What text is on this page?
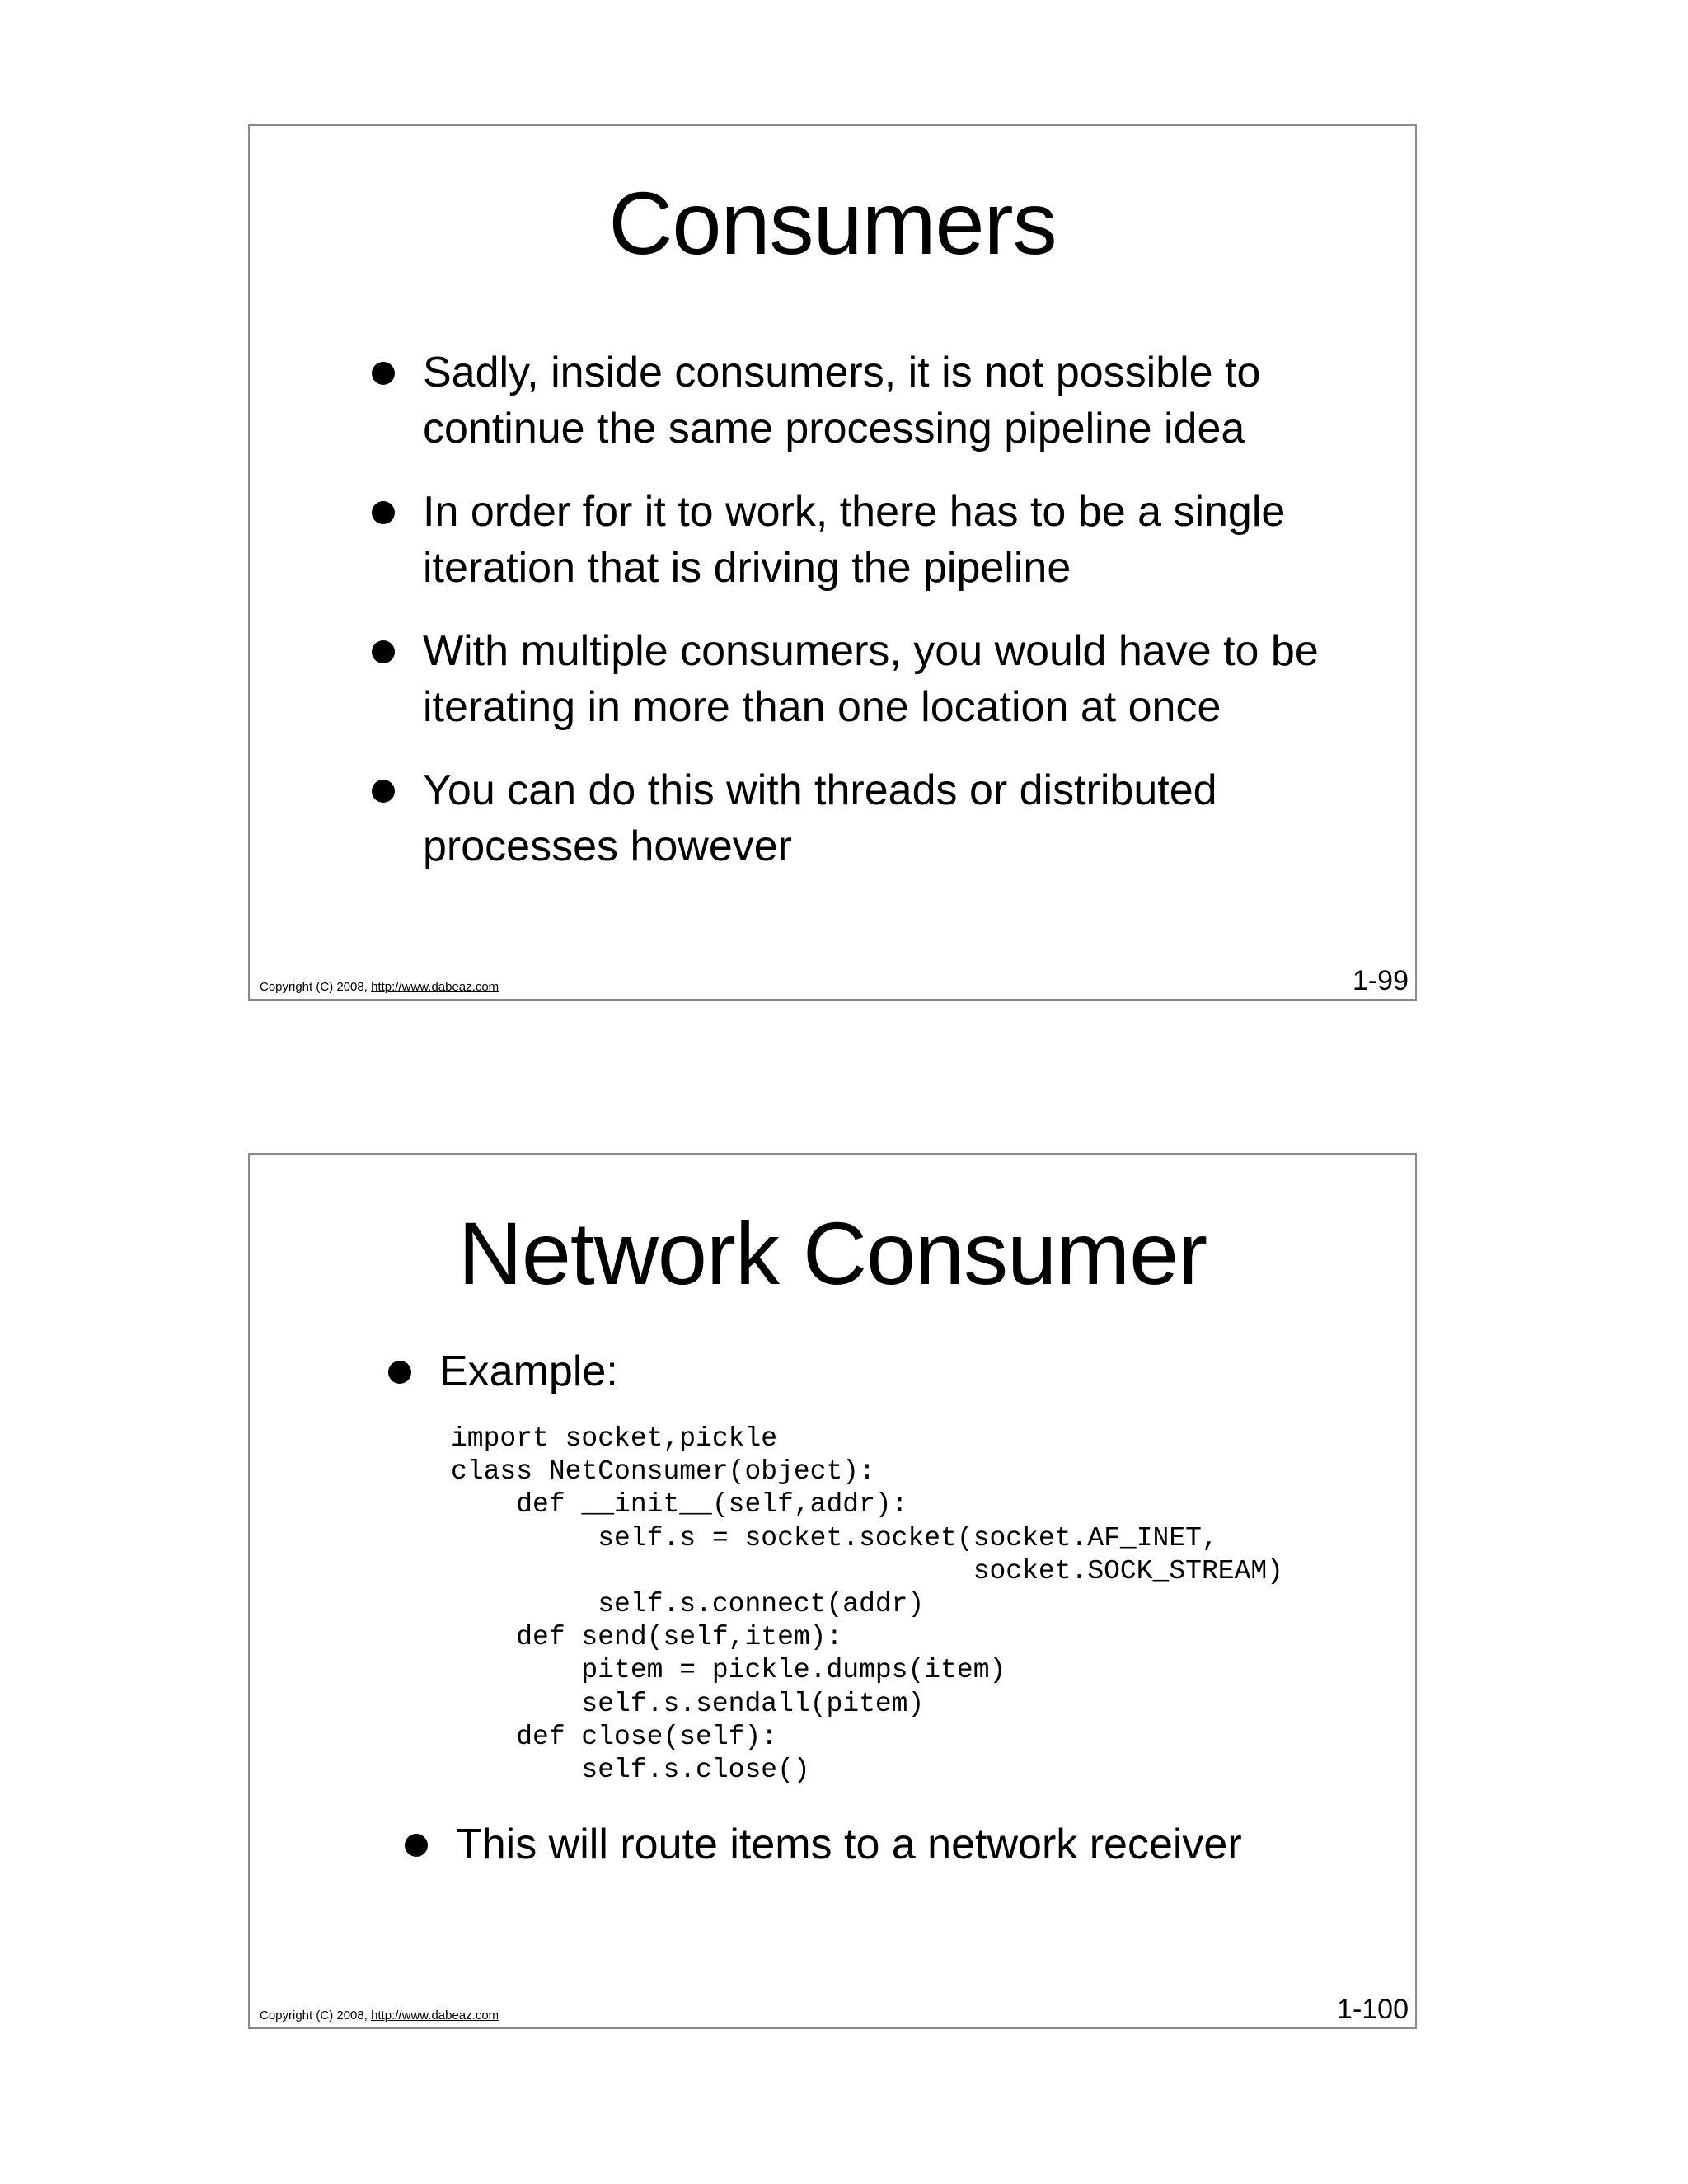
Consumers
Sadly, inside consumers, it is not possible to continue the same processing pipeline idea
In order for it to work, there has to be a single iteration that is driving the pipeline
With multiple consumers, you would have to be iterating in more than one location at once
You can do this with threads or distributed processes however
Copyright (C) 2008, http://www.dabeaz.com	1-99
Network Consumer
Example:
import socket,pickle
class NetConsumer(object):
def __init__(self,addr):
self.s = socket.socket(socket.AF_INET,
socket.SOCK_STREAM)
self.s.connect(addr)
def send(self,item):
pitem = pickle.dumps(item)
self.s.sendall(pitem)
def close(self):
self.s.close()
This will route items to a network receiver
Copyright (C) 2008, http://www.dabeaz.com	1-100
